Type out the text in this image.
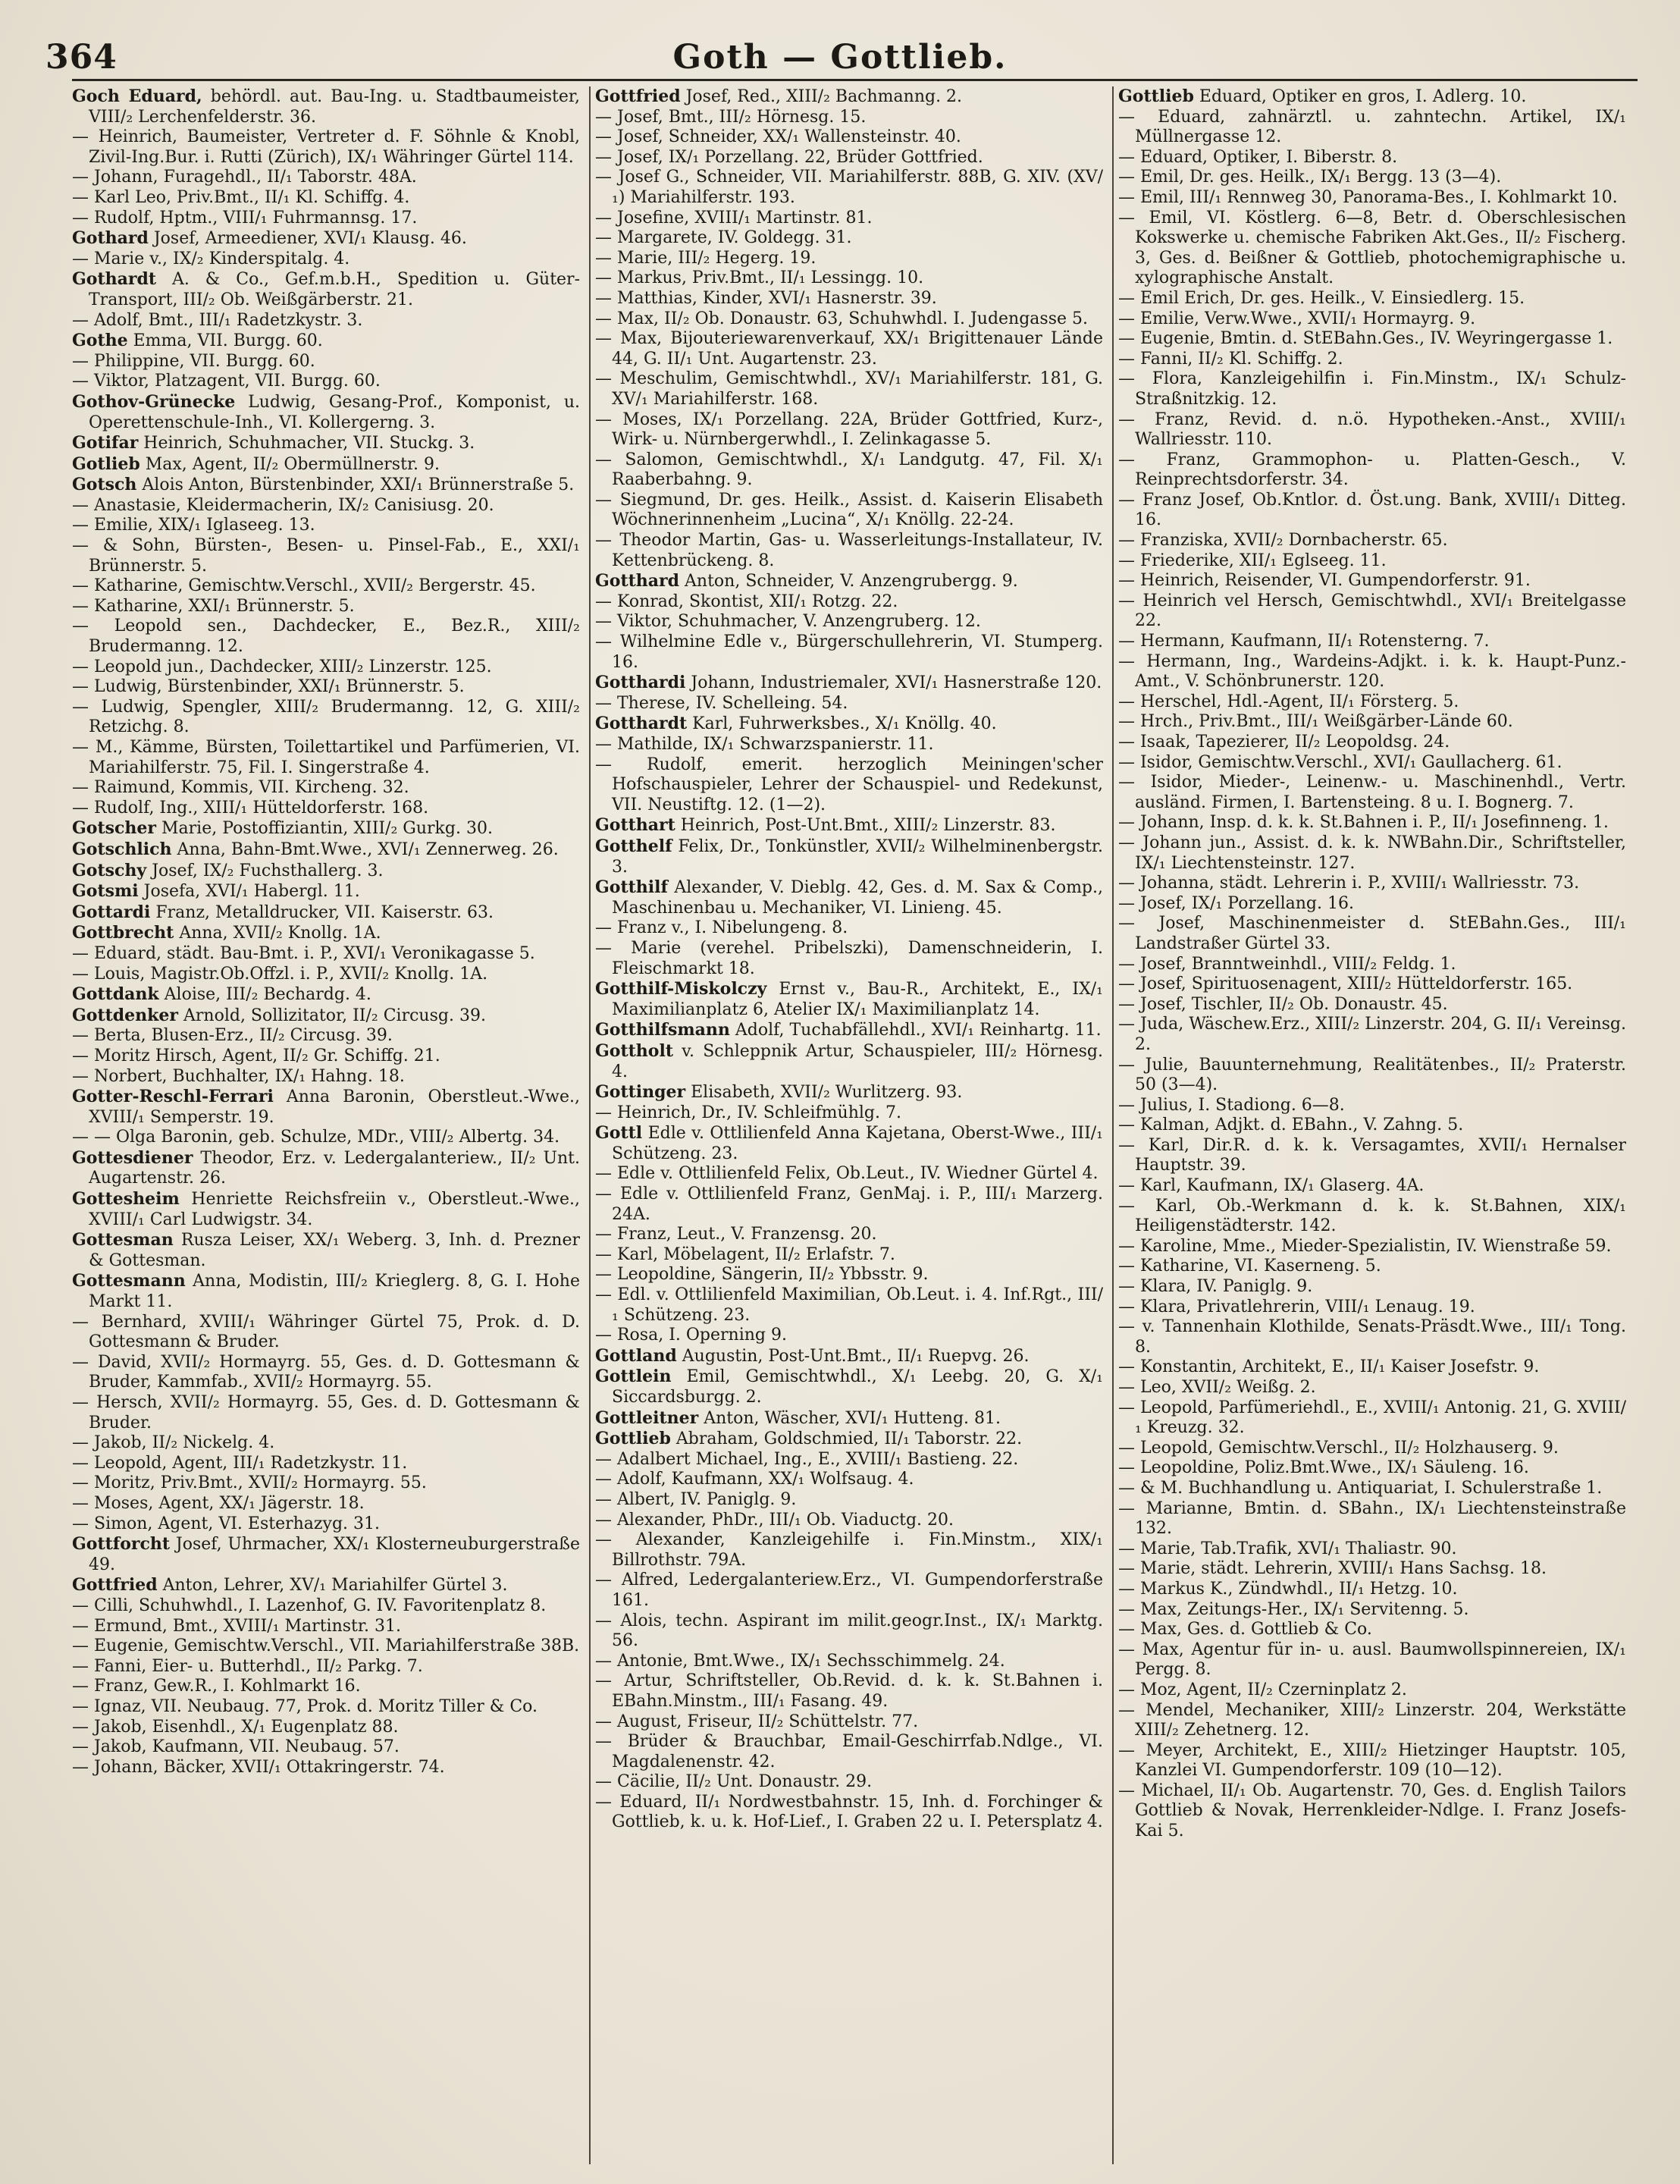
364	Goth — Gottlieb.

Goch Eduard, behördl. aut. Bau-Ing. u. Stadtbaumeister, VIII/₂ Lerchenfelderstr. 36.

— Heinrich, Baumeister, Vertreter d. F. Söhnle & Knobl, Zivil-Ing.Bur. i. Rutti (Zürich), IX/₁ Währinger Gürtel 114.

— Johann, Furagehdl., II/₁ Taborstr. 48A.

— Karl Leo, Priv.Bmt., II/₁ Kl. Schiffg. 4.

— Rudolf, Hptm., VIII/₁ Fuhrmannsg. 17.

Gothard Josef, Armeediener, XVI/₁ Klausg. 46.

— Marie v., IX/₂ Kinderspitalg. 4.

Gothardt A. & Co., Gef.m.b.H., Spedition u. Güter-Transport, III/₂ Ob. Weißgärberstr. 21.

— Adolf, Bmt., III/₁ Radetzkystr. 3.

Gothe Emma, VII. Burgg. 60.

— Philippine, VII. Burgg. 60.

— Viktor, Platzagent, VII. Burgg. 60.

Gothov-Grünecke Ludwig, Gesang-Prof., Komponist, u. Operettenschule-Inh., VI. Kollergerng. 3.

Gotifar Heinrich, Schuhmacher, VII. Stuckg. 3.

Gotlieb Max, Agent, II/₂ Obermüllnerstr. 9.

Gotsch Alois Anton, Bürstenbinder, XXI/₁ Brünnerstraße 5.

— Anastasie, Kleidermacherin, IX/₂ Canisiusg. 20.

— Emilie, XIX/₁ Iglaseeg. 13.

— & Sohn, Bürsten-, Besen- u. Pinsel-Fab., E., XXI/₁ Brünnerstr. 5.

— Katharine, Gemischtw.Verschl., XVII/₂ Bergerstr. 45.

— Katharine, XXI/₁ Brünnerstr. 5.

— Leopold sen., Dachdecker, E., Bez.R., XIII/₂ Brudermanng. 12.

— Leopold jun., Dachdecker, XIII/₂ Linzerstr. 125.

— Ludwig, Bürstenbinder, XXI/₁ Brünnerstr. 5.

— Ludwig, Spengler, XIII/₂ Brudermanng. 12, G. XIII/₂ Retzichg. 8.

— M., Kämme, Bürsten, Toilettartikel und Parfümerien, VI. Mariahilferstr. 75, Fil. I. Singerstraße 4.

— Raimund, Kommis, VII. Kircheng. 32.

— Rudolf, Ing., XIII/₁ Hütteldorferstr. 168.

Gotscher Marie, Postoffiziantin, XIII/₂ Gurkg. 30.

Gotschlich Anna, Bahn-Bmt.Wwe., XVI/₁ Zennerweg. 26.

Gotschy Josef, IX/₂ Fuchsthallerg. 3.

Gotsmi Josefa, XVI/₁ Habergl. 11.

Gottardi Franz, Metalldrucker, VII. Kaiserstr. 63.

Gottbrecht Anna, XVII/₂ Knollg. 1A.

— Eduard, städt. Bau-Bmt. i. P., XVI/₁ Veronikagasse 5.

— Louis, Magistr.Ob.Offzl. i. P., XVII/₂ Knollg. 1A.

Gottdank Aloise, III/₂ Bechardg. 4.

Gottdenker Arnold, Sollizitator, II/₂ Circusg. 39.

— Berta, Blusen-Erz., II/₂ Circusg. 39.

— Moritz Hirsch, Agent, II/₂ Gr. Schiffg. 21.

— Norbert, Buchhalter, IX/₁ Hahng. 18.

Gotter-Reschl-Ferrari Anna Baronin, Oberstleut.-Wwe., XVIII/₁ Semperstr. 19.

— — Olga Baronin, geb. Schulze, MDr., VIII/₂ Albertg. 34.

Gottesdiener Theodor, Erz. v. Ledergalanteriew., II/₂ Unt. Augartenstr. 26.

Gottesheim Henriette Reichsfreiin v., Oberstleut.-Wwe., XVIII/₁ Carl Ludwigstr. 34.

Gottesman Rusza Leiser, XX/₁ Weberg. 3, Inh. d. Prezner & Gottesman.

Gottesmann Anna, Modistin, III/₂ Krieglerg. 8, G. I. Hohe Markt 11.

— Bernhard, XVIII/₁ Währinger Gürtel 75, Prok. d. D. Gottesmann & Bruder.

— David, XVII/₂ Hormayrg. 55, Ges. d. D. Gottesmann & Bruder, Kammfab., XVII/₂ Hormayrg. 55.

— Hersch, XVII/₂ Hormayrg. 55, Ges. d. D. Gottesmann & Bruder.

— Jakob, II/₂ Nickelg. 4.

— Leopold, Agent, III/₁ Radetzkystr. 11.

— Moritz, Priv.Bmt., XVII/₂ Hormayrg. 55.

— Moses, Agent, XX/₁ Jägerstr. 18.

— Simon, Agent, VI. Esterhazyg. 31.

Gottforcht Josef, Uhrmacher, XX/₁ Klosterneuburgerstraße 49.

Gottfried Anton, Lehrer, XV/₁ Mariahilfer Gürtel 3.

— Cilli, Schuhwhdl., I. Lazenhof, G. IV. Favoritenplatz 8.

— Ermund, Bmt., XVIII/₁ Martinstr. 31.

— Eugenie, Gemischtw.Verschl., VII. Mariahilferstraße 38B.

— Fanni, Eier- u. Butterhdl., II/₂ Parkg. 7.

— Franz, Gew.R., I. Kohlmarkt 16.

— Ignaz, VII. Neubaug. 77, Prok. d. Moritz Tiller & Co.

— Jakob, Eisenhdl., X/₁ Eugenplatz 88.

— Jakob, Kaufmann, VII. Neubaug. 57.

— Johann, Bäcker, XVII/₁ Ottakringerstr. 74.

Gottfried Josef, Red., XIII/₂ Bachmanng. 2.

— Josef, Bmt., III/₂ Hörnesg. 15.

— Josef, Schneider, XX/₁ Wallensteinstr. 40.

— Josef, IX/₁ Porzellang. 22, Brüder Gottfried.

— Josef G., Schneider, VII. Mariahilferstr. 88B, G. XIV. (XV/₁) Mariahilferstr. 193.

— Josefine, XVIII/₁ Martinstr. 81.

— Margarete, IV. Goldegg. 31.

— Marie, III/₂ Hegerg. 19.

— Markus, Priv.Bmt., II/₁ Lessingg. 10.

— Matthias, Kinder, XVI/₁ Hasnerstr. 39.

— Max, II/₂ Ob. Donaustr. 63, Schuhwhdl. I. Judengasse 5.

— Max, Bijouteriewarenverkauf, XX/₁ Brigittenauer Lände 44, G. II/₁ Unt. Augartenstr. 23.

— Meschulim, Gemischtwhdl., XV/₁ Mariahilferstr. 181, G. XV/₁ Mariahilferstr. 168.

— Moses, IX/₁ Porzellang. 22A, Brüder Gottfried, Kurz-, Wirk- u. Nürnbergerwhdl., I. Zelinkagasse 5.

— Salomon, Gemischtwhdl., X/₁ Landgutg. 47, Fil. X/₁ Raaberbahng. 9.

— Siegmund, Dr. ges. Heilk., Assist. d. Kaiserin Elisabeth Wöchnerinnenheim „Lucina“, X/₁ Knöllg. 22-24.

— Theodor Martin, Gas- u. Wasserleitungs-Installateur, IV. Kettenbrückeng. 8.

Gotthard Anton, Schneider, V. Anzengrubergg. 9.

— Konrad, Skontist, XII/₁ Rotzg. 22.

— Viktor, Schuhmacher, V. Anzengruberg. 12.

— Wilhelmine Edle v., Bürgerschullehrerin, VI. Stumperg. 16.

Gotthardi Johann, Industriemaler, XVI/₁ Hasnerstraße 120.

— Therese, IV. Schelleing. 54.

Gotthardt Karl, Fuhrwerksbes., X/₁ Knöllg. 40.

— Mathilde, IX/₁ Schwarzspanierstr. 11.

— Rudolf, emerit. herzoglich Meiningen'scher Hofschauspieler, Lehrer der Schauspiel- und Redekunst, VII. Neustiftg. 12. (1—2).

Gotthart Heinrich, Post-Unt.Bmt., XIII/₂ Linzerstr. 83.

Gotthelf Felix, Dr., Tonkünstler, XVII/₂ Wilhelminenbergstr. 3.

Gotthilf Alexander, V. Dieblg. 42, Ges. d. M. Sax & Comp., Maschinenbau u. Mechaniker, VI. Linieng. 45.

— Franz v., I. Nibelungeng. 8.

— Marie (verehel. Pribelszki), Damenschneiderin, I. Fleischmarkt 18.

Gotthilf-Miskolczy Ernst v., Bau-R., Architekt, E., IX/₁ Maximilianplatz 6, Atelier IX/₁ Maximilianplatz 14.

Gotthilfsmann Adolf, Tuchabfällehdl., XVI/₁ Reinhartg. 11.

Gottholt v. Schleppnik Artur, Schauspieler, III/₂ Hörnesg. 4.

Gottinger Elisabeth, XVII/₂ Wurlitzerg. 93.

— Heinrich, Dr., IV. Schleifmühlg. 7.

Gottl Edle v. Ottlilienfeld Anna Kajetana, Oberst-Wwe., III/₁ Schützeng. 23.

— Edle v. Ottlilienfeld Felix, Ob.Leut., IV. Wiedner Gürtel 4.

— Edle v. Ottlilienfeld Franz, GenMaj. i. P., III/₁ Marzerg. 24A.

— Franz, Leut., V. Franzensg. 20.

— Karl, Möbelagent, II/₂ Erlafstr. 7.

— Leopoldine, Sängerin, II/₂ Ybbsstr. 9.

— Edl. v. Ottlilienfeld Maximilian, Ob.Leut. i. 4. Inf.Rgt., III/₁ Schützeng. 23.

— Rosa, I. Operning 9.

Gottland Augustin, Post-Unt.Bmt., II/₁ Ruepvg. 26.

Gottlein Emil, Gemischtwhdl., X/₁ Leebg. 20, G. X/₁ Siccardsburgg. 2.

Gottleitner Anton, Wäscher, XVI/₁ Hutteng. 81.

Gottlieb Abraham, Goldschmied, II/₁ Taborstr. 22.

— Adalbert Michael, Ing., E., XVIII/₁ Bastieng. 22.

— Adolf, Kaufmann, XX/₁ Wolfsaug. 4.

— Albert, IV. Paniglg. 9.

— Alexander, PhDr., III/₁ Ob. Viaductg. 20.

— Alexander, Kanzleigehilfe i. Fin.Minstm., XIX/₁ Billrothstr. 79A.

— Alfred, Ledergalanteriew.Erz., VI. Gumpendorferstraße 161.

— Alois, techn. Aspirant im milit.geogr.Inst., IX/₁ Marktg. 56.

— Antonie, Bmt.Wwe., IX/₁ Sechsschimmelg. 24.

— Artur, Schriftsteller, Ob.Revid. d. k. k. St.Bahnen i. EBahn.Minstm., III/₁ Fasang. 49.

— August, Friseur, II/₂ Schüttelstr. 77.

— Brüder & Brauchbar, Email-Geschirrfab.Ndlge., VI. Magdalenenstr. 42.

— Cäcilie, II/₂ Unt. Donaustr. 29.

— Eduard, II/₁ Nordwestbahnstr. 15, Inh. d. Forchinger & Gottlieb, k. u. k. Hof-Lief., I. Graben 22 u. I. Petersplatz 4.

Gottlieb Eduard, Optiker en gros, I. Adlerg. 10.

— Eduard, zahnärztl. u. zahntechn. Artikel, IX/₁ Müllnergasse 12.

— Eduard, Optiker, I. Biberstr. 8.

— Emil, Dr. ges. Heilk., IX/₁ Bergg. 13 (3—4).

— Emil, III/₁ Rennweg 30, Panorama-Bes., I. Kohlmarkt 10.

— Emil, VI. Köstlerg. 6—8, Betr. d. Oberschlesischen Kokswerke u. chemische Fabriken Akt.Ges., II/₂ Fischerg. 3, Ges. d. Beißner & Gottlieb, photochemigraphische u. xylographische Anstalt.

— Emil Erich, Dr. ges. Heilk., V. Einsiedlerg. 15.

— Emilie, Verw.Wwe., XVII/₁ Hormayrg. 9.

— Eugenie, Bmtin. d. StEBahn.Ges., IV. Weyringergasse 1.

— Fanni, II/₂ Kl. Schiffg. 2.

— Flora, Kanzleigehilfin i. Fin.Minstm., IX/₁ Schulz-Straßnitzkig. 12.

— Franz, Revid. d. n.ö. Hypotheken.-Anst., XVIII/₁ Wallriesstr. 110.

— Franz, Grammophon- u. Platten-Gesch., V. Reinprechtsdorferstr. 34.

— Franz Josef, Ob.Kntlor. d. Öst.ung. Bank, XVIII/₁ Ditteg. 16.

— Franziska, XVII/₂ Dornbacherstr. 65.

— Friederike, XII/₁ Eglseeg. 11.

— Heinrich, Reisender, VI. Gumpendorferstr. 91.

— Heinrich vel Hersch, Gemischtwhdl., XVI/₁ Breitelgasse 22.

— Hermann, Kaufmann, II/₁ Rotensterng. 7.

— Hermann, Ing., Wardeins-Adjkt. i. k. k. Haupt-Punz.-Amt., V. Schönbrunerstr. 120.

— Herschel, Hdl.-Agent, II/₁ Försterg. 5.

— Hrch., Priv.Bmt., III/₁ Weißgärber-Lände 60.

— Isaak, Tapezierer, II/₂ Leopoldsg. 24.

— Isidor, Gemischtw.Verschl., XVI/₁ Gaullacherg. 61.

— Isidor, Mieder-, Leinenw.- u. Maschinenhdl., Vertr. ausländ. Firmen, I. Bartensteing. 8 u. I. Bognerg. 7.

— Johann, Insp. d. k. k. St.Bahnen i. P., II/₁ Josefinneng. 1.

— Johann jun., Assist. d. k. k. NWBahn.Dir., Schriftsteller, IX/₁ Liechtensteinstr. 127.

— Johanna, städt. Lehrerin i. P., XVIII/₁ Wallriesstr. 73.

— Josef, IX/₁ Porzellang. 16.

— Josef, Maschinenmeister d. StEBahn.Ges., III/₁ Landstraßer Gürtel 33.

— Josef, Branntweinhdl., VIII/₂ Feldg. 1.

— Josef, Spirituosenagent, XIII/₂ Hütteldorferstr. 165.

— Josef, Tischler, II/₂ Ob. Donaustr. 45.

— Juda, Wäschew.Erz., XIII/₂ Linzerstr. 204, G. II/₁ Vereinsg. 2.

— Julie, Bauunternehmung, Realitätenbes., II/₂ Praterstr. 50 (3—4).

— Julius, I. Stadiong. 6—8.

— Kalman, Adjkt. d. EBahn., V. Zahng. 5.

— Karl, Dir.R. d. k. k. Versagamtes, XVII/₁ Hernalser Hauptstr. 39.

— Karl, Kaufmann, IX/₁ Glaserg. 4A.

— Karl, Ob.-Werkmann d. k. k. St.Bahnen, XIX/₁ Heiligenstädterstr. 142.

— Karoline, Mme., Mieder-Spezialistin, IV. Wienstraße 59.

— Katharine, VI. Kaserneng. 5.

— Klara, IV. Paniglg. 9.

— Klara, Privatlehrerin, VIII/₁ Lenaug. 19.

— v. Tannenhain Klothilde, Senats-Präsdt.Wwe., III/₁ Tong. 8.

— Konstantin, Architekt, E., II/₁ Kaiser Josefstr. 9.

— Leo, XVII/₂ Weißg. 2.

— Leopold, Parfümeriehdl., E., XVIII/₁ Antonig. 21, G. XVIII/₁ Kreuzg. 32.

— Leopold, Gemischtw.Verschl., II/₂ Holzhauserg. 9.

— Leopoldine, Poliz.Bmt.Wwe., IX/₁ Säuleng. 16.

— & M. Buchhandlung u. Antiquariat, I. Schulerstraße 1.

— Marianne, Bmtin. d. SBahn., IX/₁ Liechtensteinstraße 132.

— Marie, Tab.Trafik, XVI/₁ Thaliastr. 90.

— Marie, städt. Lehrerin, XVIII/₁ Hans Sachsg. 18.

— Markus K., Zündwhdl., II/₁ Hetzg. 10.

— Max, Zeitungs-Her., IX/₁ Servitenng. 5.

— Max, Ges. d. Gottlieb & Co.

— Max, Agentur für in- u. ausl. Baumwollspinnereien, IX/₁ Pergg. 8.

— Moz, Agent, II/₂ Czerninplatz 2.

— Mendel, Mechaniker, XIII/₂ Linzerstr. 204, Werkstätte XIII/₂ Zehetnerg. 12.

— Meyer, Architekt, E., XIII/₂ Hietzinger Hauptstr. 105, Kanzlei VI. Gumpendorferstr. 109 (10—12).

— Michael, II/₁ Ob. Augartenstr. 70, Ges. d. English Tailors Gottlieb & Novak, Herrenkleider-Ndlge. I. Franz Josefs-Kai 5.
